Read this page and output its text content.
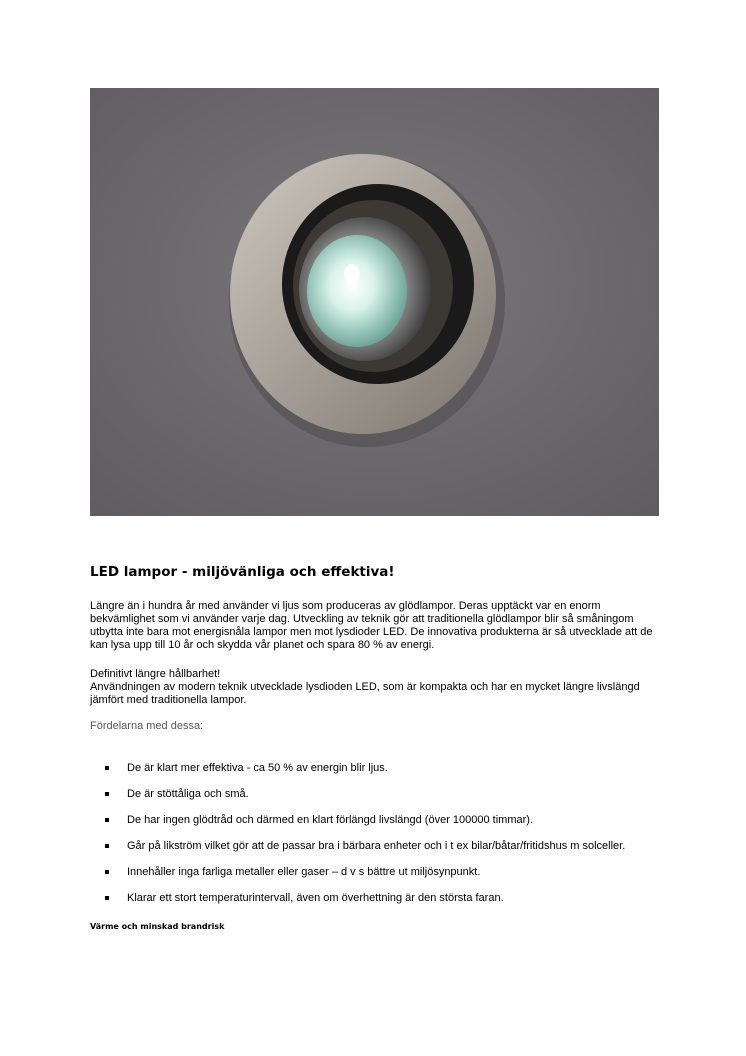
LED lampor - miljövänliga och effektiva!

Längre än i hundra år med använder vi ljus som produceras av glödlampor. Deras upptäckt var en enorm bekvämlighet som vi använder varje dag. Utveckling av teknik gör att traditionella glödlampor blir så småningom utbytta inte bara mot energisnåla lampor men mot lysdioder LED. De innovativa produkterna är så utvecklade att de kan lysa upp till 10 år och skydda vår planet och spara 80 % av energi.

Definitivt längre hållbarhet!
Användningen av modern teknik utvecklade lysdioden LED, som är kompakta och har en mycket längre livslängd jämfört med traditionella lampor.

Fördelarna med dessa:

De är klart mer effektiva - ca 50 % av energin blir ljus.
De är stöttåliga och små.
De har ingen glödtråd och därmed en klart förlängd livslängd (över 100000 timmar).
Går på likström vilket gör att de passar bra i bärbara enheter och i t ex bilar/båtar/fritidshus m solceller.
Innehåller inga farliga metaller eller gaser – d v s bättre ut miljösynpunkt.
Klarar ett stort temperaturintervall, även om överhettning är den största faran.
Värme och minskad brandrisk
